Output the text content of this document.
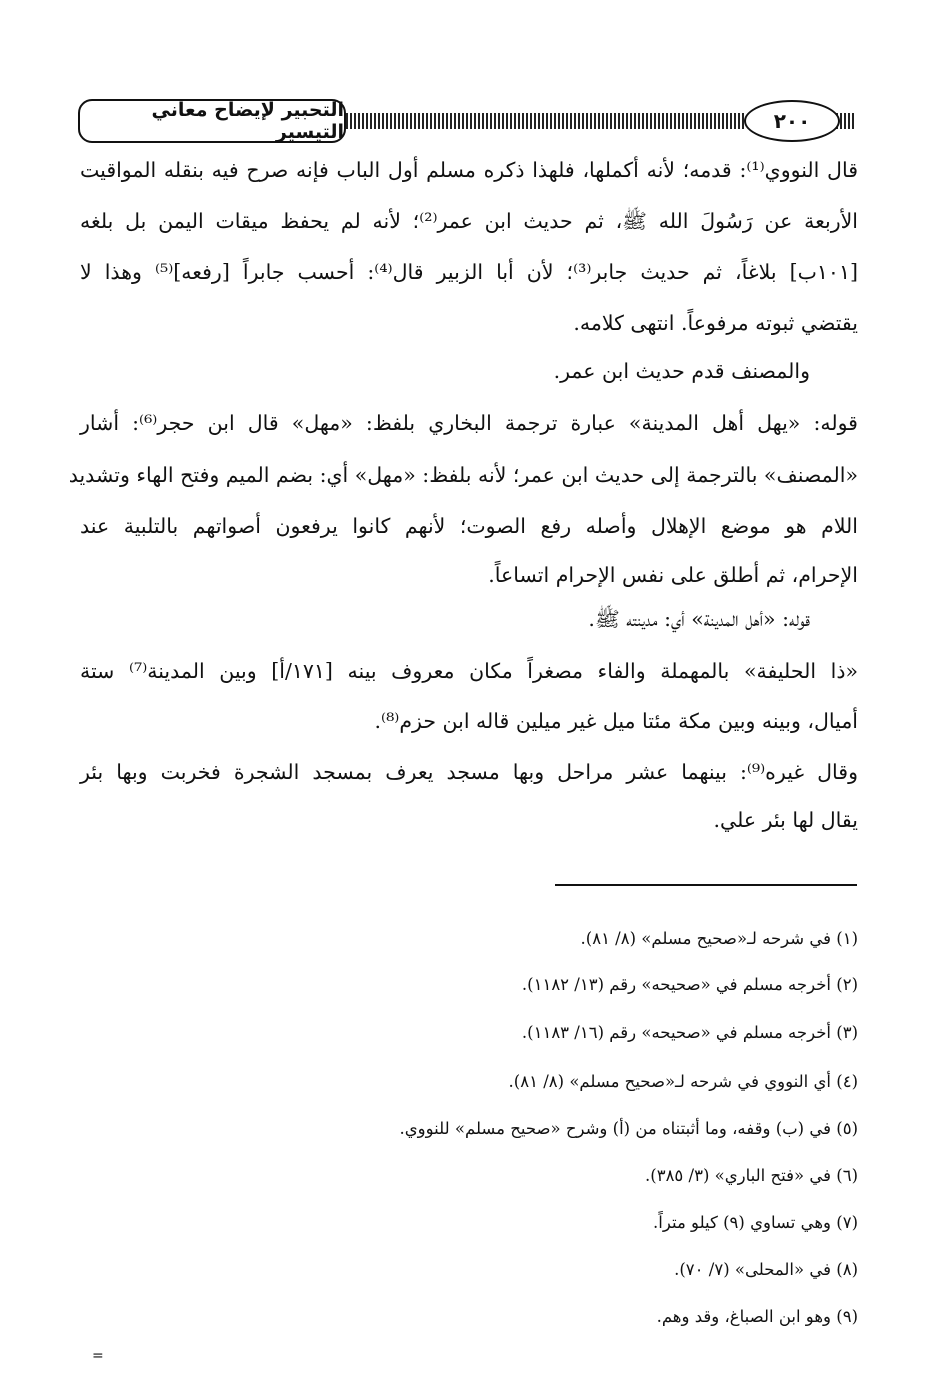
التحبير لإيضاح معاني التيسير	٢٠٠
قال النووي⁽¹⁾: قدمه؛ لأنه أكملها، فلهذا ذكره مسلم أول الباب فإنه صرح فيه بنقله المواقيت
الأربعة عن رَسُولَ الله ﷺ، ثم حديث ابن عمر⁽²⁾؛ لأنه لم يحفظ ميقات اليمن بل بلغه
[١٠١ب] بلاغاً، ثم حديث جابر⁽³⁾؛ لأن أبا الزبير قال⁽⁴⁾: أحسب جابراً [رفعه]⁽⁵⁾ وهذا لا
يقتضي ثبوته مرفوعاً. انتهى كلامه.
والمصنف قدم حديث ابن عمر.
قوله: «يهل أهل المدينة» عبارة ترجمة البخاري بلفظ: «مهل» قال ابن حجر⁽⁶⁾: أشار
«المصنف» بالترجمة إلى حديث ابن عمر؛ لأنه بلفظ: «مهل» أي: بضم الميم وفتح الهاء وتشديد
اللام هو موضع الإهلال وأصله رفع الصوت؛ لأنهم كانوا يرفعون أصواتهم بالتلبية عند
الإحرام، ثم أطلق على نفس الإحرام اتساعاً.
قوله: «أهل المدينة» أي: مدينته ﷺ.
«ذا الحليفة» بالمهملة والفاء مصغراً مكان معروف بينه [١٧١/أ] وبين المدينة⁽⁷⁾ ستة
أميال، وبينه وبين مكة مئتا ميل غير ميلين قاله ابن حزم⁽⁸⁾.
وقال غيره⁽⁹⁾: بينهما عشر مراحل وبها مسجد يعرف بمسجد الشجرة فخربت وبها بئر
يقال لها بئر علي.
(١) في شرحه لـ«صحيح مسلم» (٨/ ٨١).
(٢) أخرجه مسلم في «صحيحه» رقم (١٣/ ١١٨٢).
(٣) أخرجه مسلم في «صحيحه» رقم (١٦/ ١١٨٣).
(٤) أي النووي في شرحه لـ«صحيح مسلم» (٨/ ٨١).
(٥) في (ب) وقفه، وما أثبتناه من (أ) وشرح «صحيح مسلم» للنووي.
(٦) في «فتح الباري» (٣/ ٣٨٥).
(٧) وهي تساوي (٩) كيلو متراً.
(٨) في «المحلى» (٧/ ٧٠).
(٩) وهو ابن الصباغ، وقد وهم.
=
